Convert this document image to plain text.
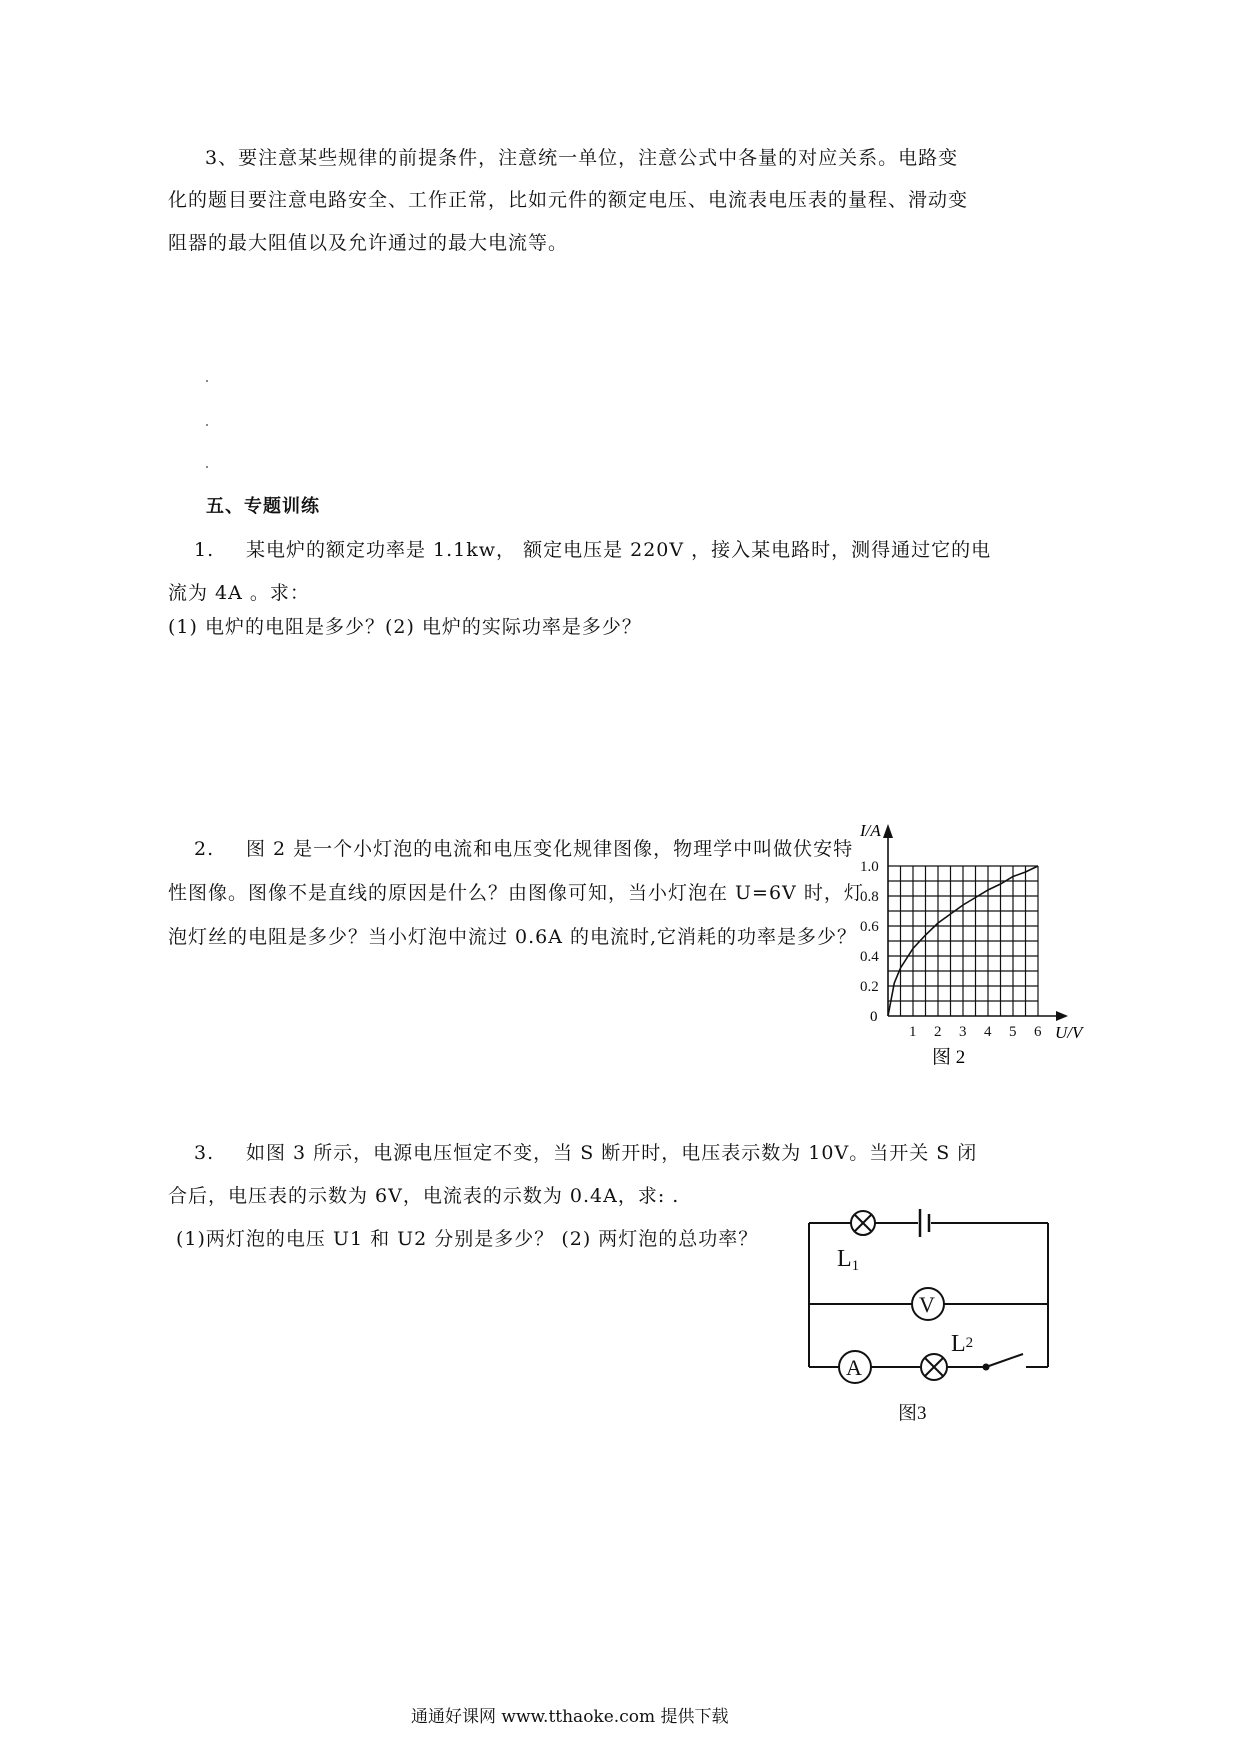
3、要注意某些规律的前提条件，注意统一单位，注意公式中各量的对应关系。电路变
化的题目要注意电路安全、工作正常，比如元件的额定电压、电流表电压表的量程、滑动变
阻器的最大阻值以及允许通过的最大电流等。
五、专题训练
1. 某电炉的额定功率是 1.1kw， 额定电压是 220V ，接入某电路时，测得通过它的电
流为 4A 。求：
(1) 电炉的电阻是多少？(2) 电炉的实际功率是多少？
2. 图 2 是一个小灯泡的电流和电压变化规律图像，物理学中叫做伏安特
性图像。图像不是直线的原因是什么？由图像可知，当小灯泡在 U=6V 时，灯
泡灯丝的电阻是多少？当小灯泡中流过 0.6A 的电流时,它消耗的功率是多少？
1 2 3 4 5 6
0.2
0.4
0.6
0.8
1.0
I/A
U/V
0
图 2
3. 如图 3 所示，电源电压恒定不变，当 S 断开时，电压表示数为 10V。当开关 S 闭
合后，电压表的示数为 6V，电流表的示数为 0.4A，求: .
(1)两灯泡的电压 U1 和 U2 分别是多少？ (2) 两灯泡的总功率？
L1
V
A
L2
图3
通通好课网 www.tthaoke.com 提供下载
